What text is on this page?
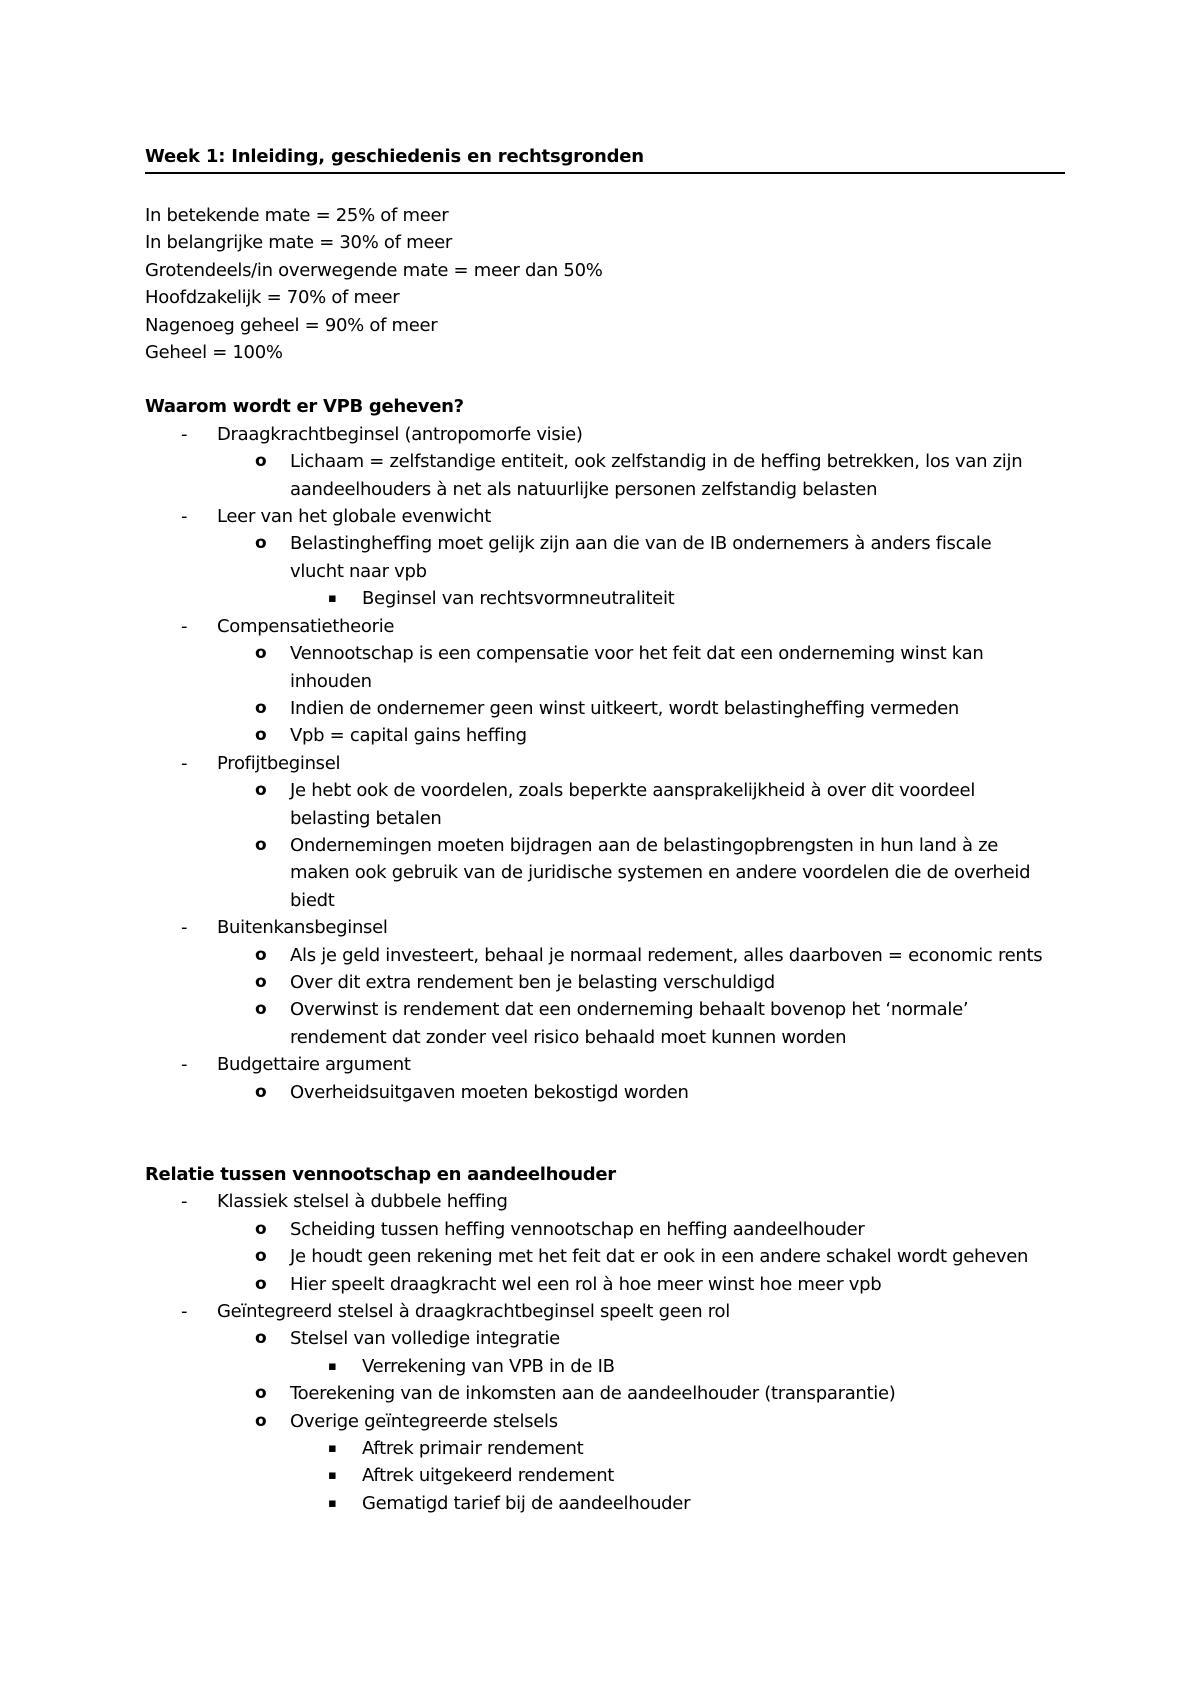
Week 1: Inleiding, geschiedenis en rechtsgronden
In betekende mate = 25% of meer
In belangrijke mate = 30% of meer
Grotendeels/in overwegende mate = meer dan 50%
Hoofdzakelijk = 70% of meer
Nagenoeg geheel = 90% of meer
Geheel = 100%
Waarom wordt er VPB geheven?
- Draagkrachtbeginsel (antropomorfe visie)
o Lichaam = zelfstandige entiteit, ook zelfstandig in de heffing betrekken, los van zijn
aandeelhouders à net als natuurlijke personen zelfstandig belasten
- Leer van het globale evenwicht
o Belastingheffing moet gelijk zijn aan die van de IB ondernemers à anders fiscale
vlucht naar vpb
▪ Beginsel van rechtsvormneutraliteit
- Compensatietheorie
o Vennootschap is een compensatie voor het feit dat een onderneming winst kan
inhouden
o Indien de ondernemer geen winst uitkeert, wordt belastingheffing vermeden
o Vpb = capital gains heffing
- Profijtbeginsel
o Je hebt ook de voordelen, zoals beperkte aansprakelijkheid à over dit voordeel
belasting betalen
o Ondernemingen moeten bijdragen aan de belastingopbrengsten in hun land à ze
maken ook gebruik van de juridische systemen en andere voordelen die de overheid
biedt
- Buitenkansbeginsel
o Als je geld investeert, behaal je normaal redement, alles daarboven = economic rents
o Over dit extra rendement ben je belasting verschuldigd
o Overwinst is rendement dat een onderneming behaalt bovenop het ‘normale’
rendement dat zonder veel risico behaald moet kunnen worden
- Budgettaire argument
o Overheidsuitgaven moeten bekostigd worden
Relatie tussen vennootschap en aandeelhouder
- Klassiek stelsel à dubbele heffing
o Scheiding tussen heffing vennootschap en heffing aandeelhouder
o Je houdt geen rekening met het feit dat er ook in een andere schakel wordt geheven
o Hier speelt draagkracht wel een rol à hoe meer winst hoe meer vpb
- Geïntegreerd stelsel à draagkrachtbeginsel speelt geen rol
o Stelsel van volledige integratie
▪ Verrekening van VPB in de IB
o Toerekening van de inkomsten aan de aandeelhouder (transparantie)
o Overige geïntegreerde stelsels
▪ Aftrek primair rendement
▪ Aftrek uitgekeerd rendement
▪ Gematigd tarief bij de aandeelhouder
